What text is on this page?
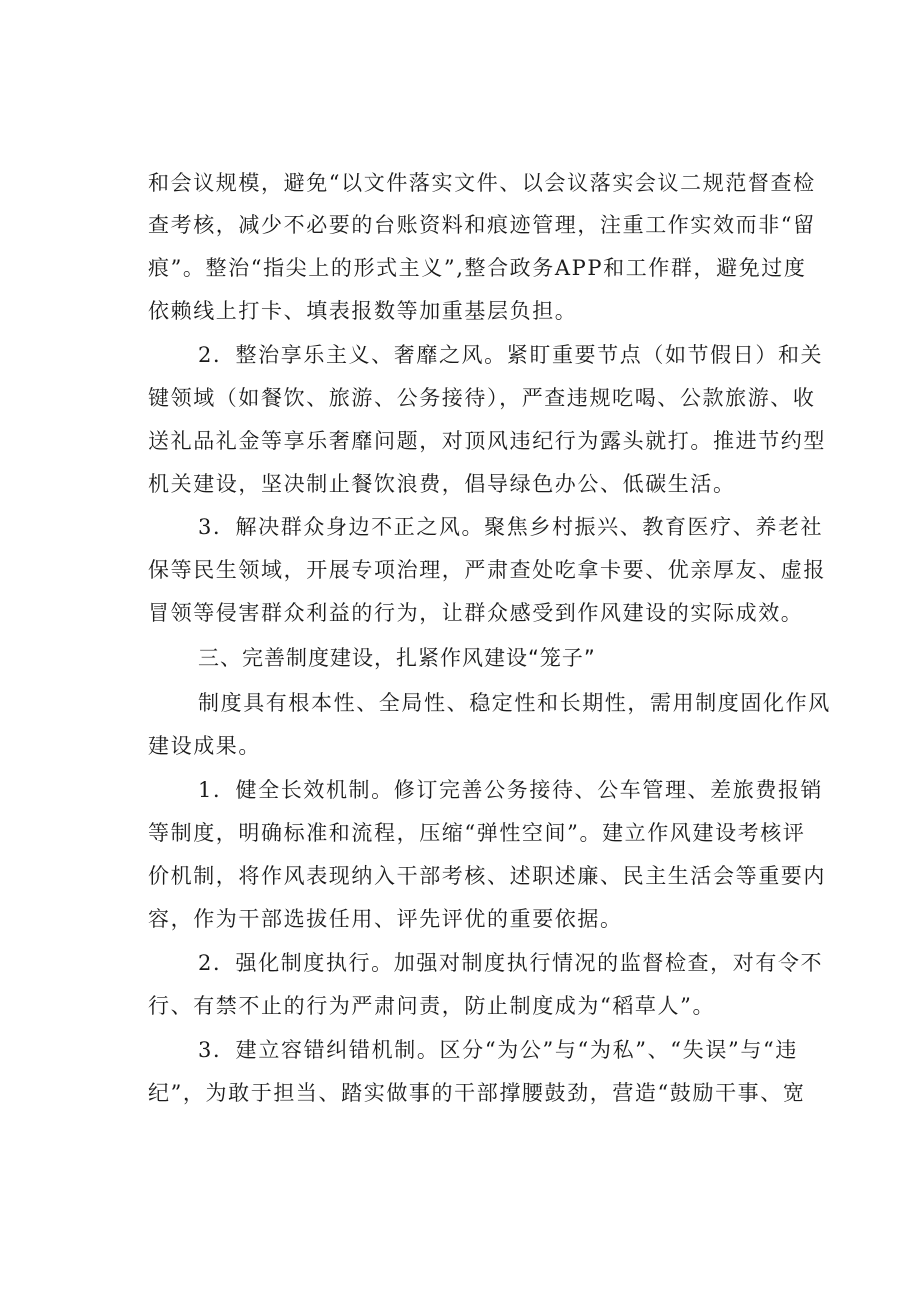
和会议规模，避免“以文件落实文件、以会议落实会议二规范督查检
查考核，减少不必要的台账资料和痕迹管理，注重工作实效而非“留
痕”。整治“指尖上的形式主义”,整合政务APP和工作群，避免过度
依赖线上打卡、填表报数等加重基层负担。
2．整治享乐主义、奢靡之风。紧盯重要节点（如节假日）和关
键领域（如餐饮、旅游、公务接待），严查违规吃喝、公款旅游、收
送礼品礼金等享乐奢靡问题，对顶风违纪行为露头就打。推进节约型
机关建设，坚决制止餐饮浪费，倡导绿色办公、低碳生活。
3．解决群众身边不正之风。聚焦乡村振兴、教育医疗、养老社
保等民生领域，开展专项治理，严肃查处吃拿卡要、优亲厚友、虚报
冒领等侵害群众利益的行为，让群众感受到作风建设的实际成效。
三、完善制度建设，扎紧作风建设“笼子”
制度具有根本性、全局性、稳定性和长期性，需用制度固化作风
建设成果。
1．健全长效机制。修订完善公务接待、公车管理、差旅费报销
等制度，明确标准和流程，压缩“弹性空间”。建立作风建设考核评
价机制，将作风表现纳入干部考核、述职述廉、民主生活会等重要内
容，作为干部选拔任用、评先评优的重要依据。
2．强化制度执行。加强对制度执行情况的监督检查，对有令不
行、有禁不止的行为严肃问责，防止制度成为“稻草人”。
3．建立容错纠错机制。区分“为公”与“为私”、“失误”与“违
纪”，为敢于担当、踏实做事的干部撑腰鼓劲，营造“鼓励干事、宽
